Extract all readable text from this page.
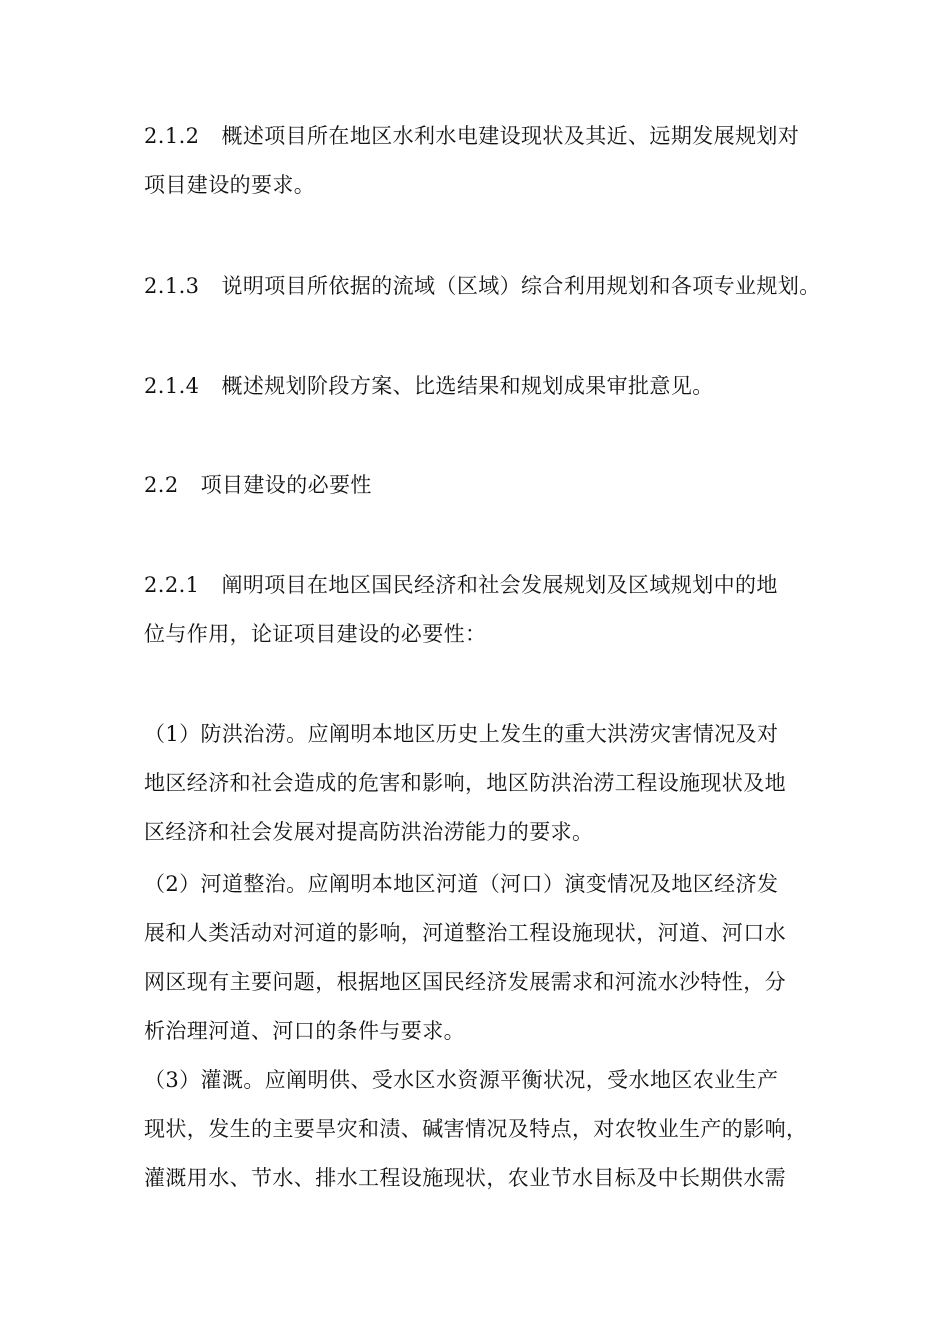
2.1.2 概述项目所在地区水利水电建设现状及其近、远期发展规划对
项目建设的要求。

2.1.3 说明项目所依据的流域（区域）综合利用规划和各项专业规划。

2.1.4 概述规划阶段方案、比选结果和规划成果审批意见。

2.2 项目建设的必要性

2.2.1 阐明项目在地区国民经济和社会发展规划及区域规划中的地
位与作用，论证项目建设的必要性：

（1）防洪治涝。应阐明本地区历史上发生的重大洪涝灾害情况及对
地区经济和社会造成的危害和影响，地区防洪治涝工程设施现状及地
区经济和社会发展对提高防洪治涝能力的要求。

（2）河道整治。应阐明本地区河道（河口）演变情况及地区经济发
展和人类活动对河道的影响，河道整治工程设施现状，河道、河口水
网区现有主要问题，根据地区国民经济发展需求和河流水沙特性，分
析治理河道、河口的条件与要求。

（3）灌溉。应阐明供、受水区水资源平衡状况，受水地区农业生产
现状，发生的主要旱灾和渍、碱害情况及特点，对农牧业生产的影响，
灌溉用水、节水、排水工程设施现状，农业节水目标及中长期供水需
